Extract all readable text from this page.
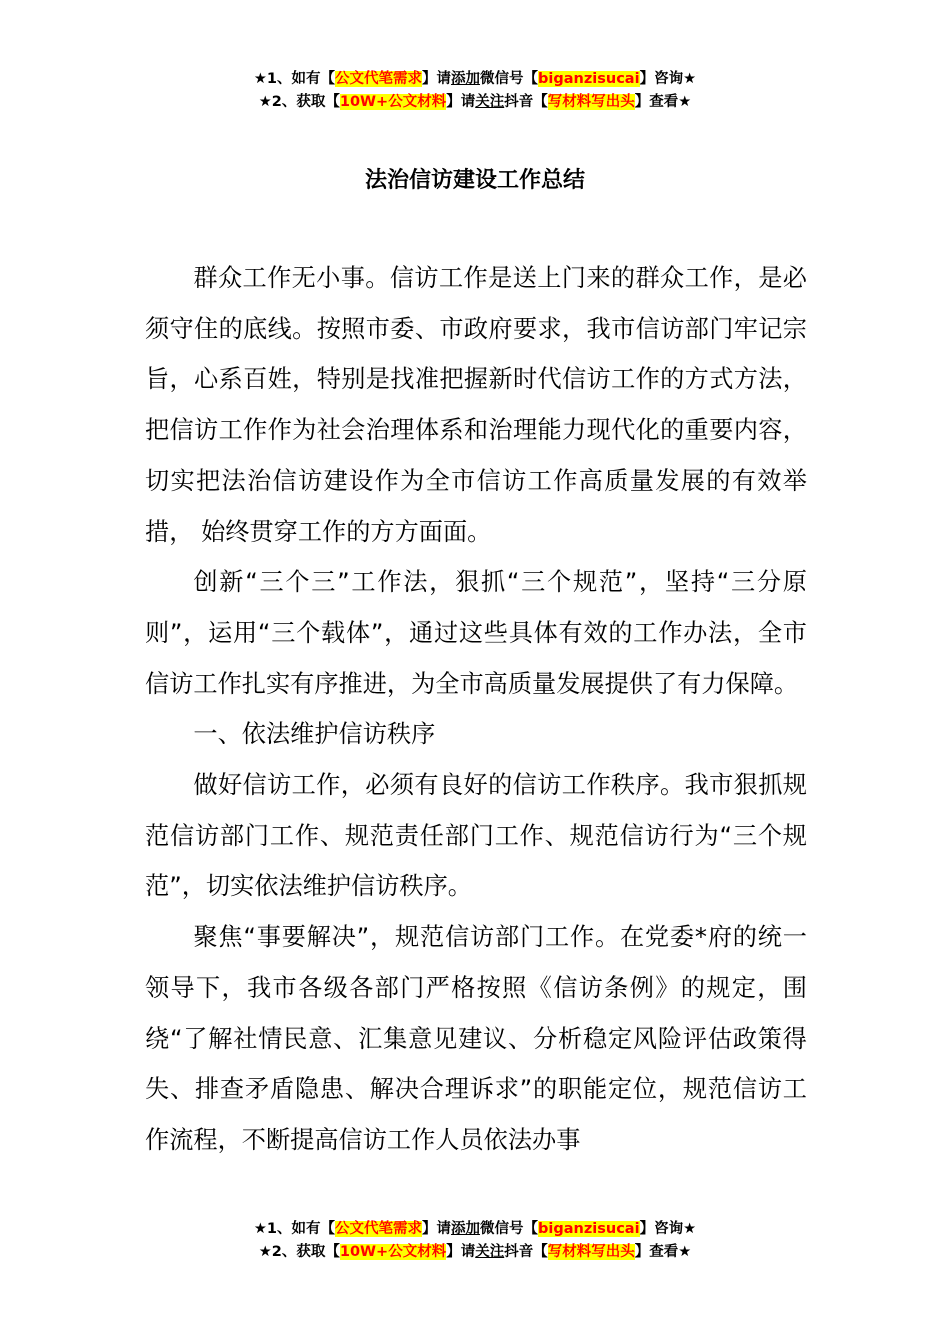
★1、如有【公文代笔需求】请添加微信号【biganzisucai】咨询★
★2、获取【10W+公文材料】请关注抖音【写材料写出头】查看★
法治信访建设工作总结

群众工作无小事。信访工作是送上门来的群众工作，是必须守住的底线。按照市委、市政府要求，我市信访部门牢记宗旨，心系百姓，特别是找准把握新时代信访工作的方式方法，把信访工作作为社会治理体系和治理能力现代化的重要内容，切实把法治信访建设作为全市信访工作高质量发展的有效举措， 始终贯穿工作的方方面面。

创新“三个三”工作法，狠抓“三个规范”，坚持“三分原则”，运用“三个载体”，通过这些具体有效的工作办法，全市信访工作扎实有序推进，为全市高质量发展提供了有力保障。

一、依法维护信访秩序

做好信访工作，必须有良好的信访工作秩序。我市狠抓规范信访部门工作、规范责任部门工作、规范信访行为“三个规范”，切实依法维护信访秩序。

聚焦“事要解决”，规范信访部门工作。在党委*府的统一领导下，我市各级各部门严格按照《信访条例》的规定，围绕“了解社情民意、汇集意见建议、分析稳定风险评估政策得失、排查矛盾隐患、解决合理诉求”的职能定位，规范信访工作流程，不断提高信访工作人员依法办事

★1、如有【公文代笔需求】请添加微信号【biganzisucai】咨询★
★2、获取【10W+公文材料】请关注抖音【写材料写出头】查看★
